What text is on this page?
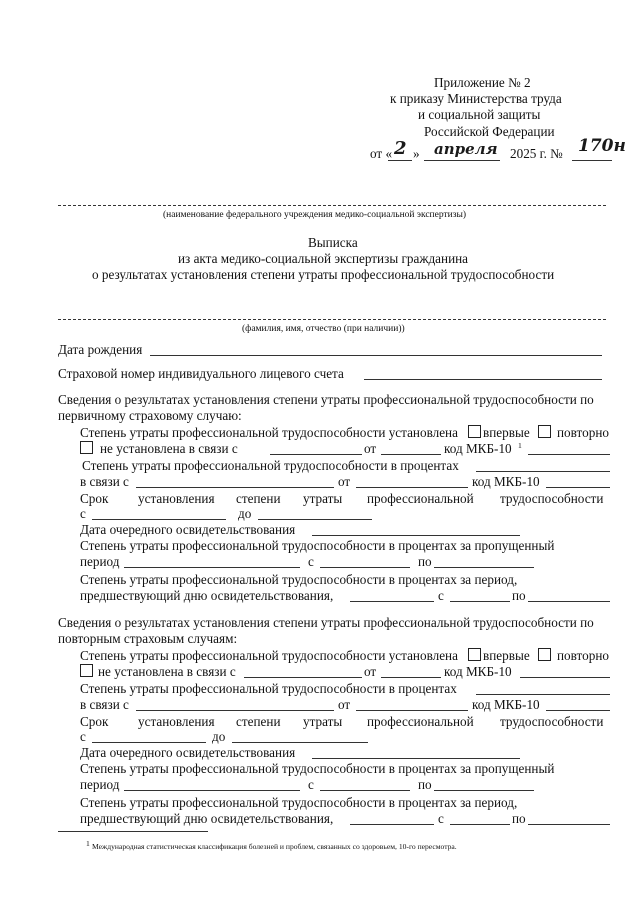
Приложение № 2
к приказу Министерства труда
и социальной защиты
Российской Федерации
от « 2 » апреля 2025 г. № 170н
(наименование федерального учреждения медико-социальной экспертизы)
Выписка
из акта медико-социальной экспертизы гражданина
о результатах установления степени утраты профессиональной трудоспособности
(фамилия, имя, отчество (при наличии))
Дата рождения
Страховой номер индивидуального лицевого счета
Сведения о результатах установления степени утраты профессиональной трудоспособности по
первичному страховому случаю:
Степень утраты профессиональной трудоспособности установлена впервые повторно
не установлена в связи с	от	код МКБ-10 1
Степень утраты профессиональной трудоспособности в процентах
в связи с	от	код МКБ-10
Срок установления степени утраты профессиональной трудоспособности
с	до
Дата очередного освидетельствования
Степень утраты профессиональной трудоспособности в процентах за пропущенный
период	с	по
Степень утраты профессиональной трудоспособности в процентах за период,
предшествующий дню освидетельствования,	с	по
Сведения о результатах установления степени утраты профессиональной трудоспособности по
повторным страховым случаям:
Степень утраты профессиональной трудоспособности установлена впервые повторно
не установлена в связи с	от	код МКБ-10
Степень утраты профессиональной трудоспособности в процентах
в связи с	от	код МКБ-10
Срок установления степени утраты профессиональной трудоспособности
с	до
Дата очередного освидетельствования
Степень утраты профессиональной трудоспособности в процентах за пропущенный
период	с	по
Степень утраты профессиональной трудоспособности в процентах за период,
предшествующий дню освидетельствования,	с	по
1 Международная статистическая классификация болезней и проблем, связанных со здоровьем, 10-го пересмотра.
